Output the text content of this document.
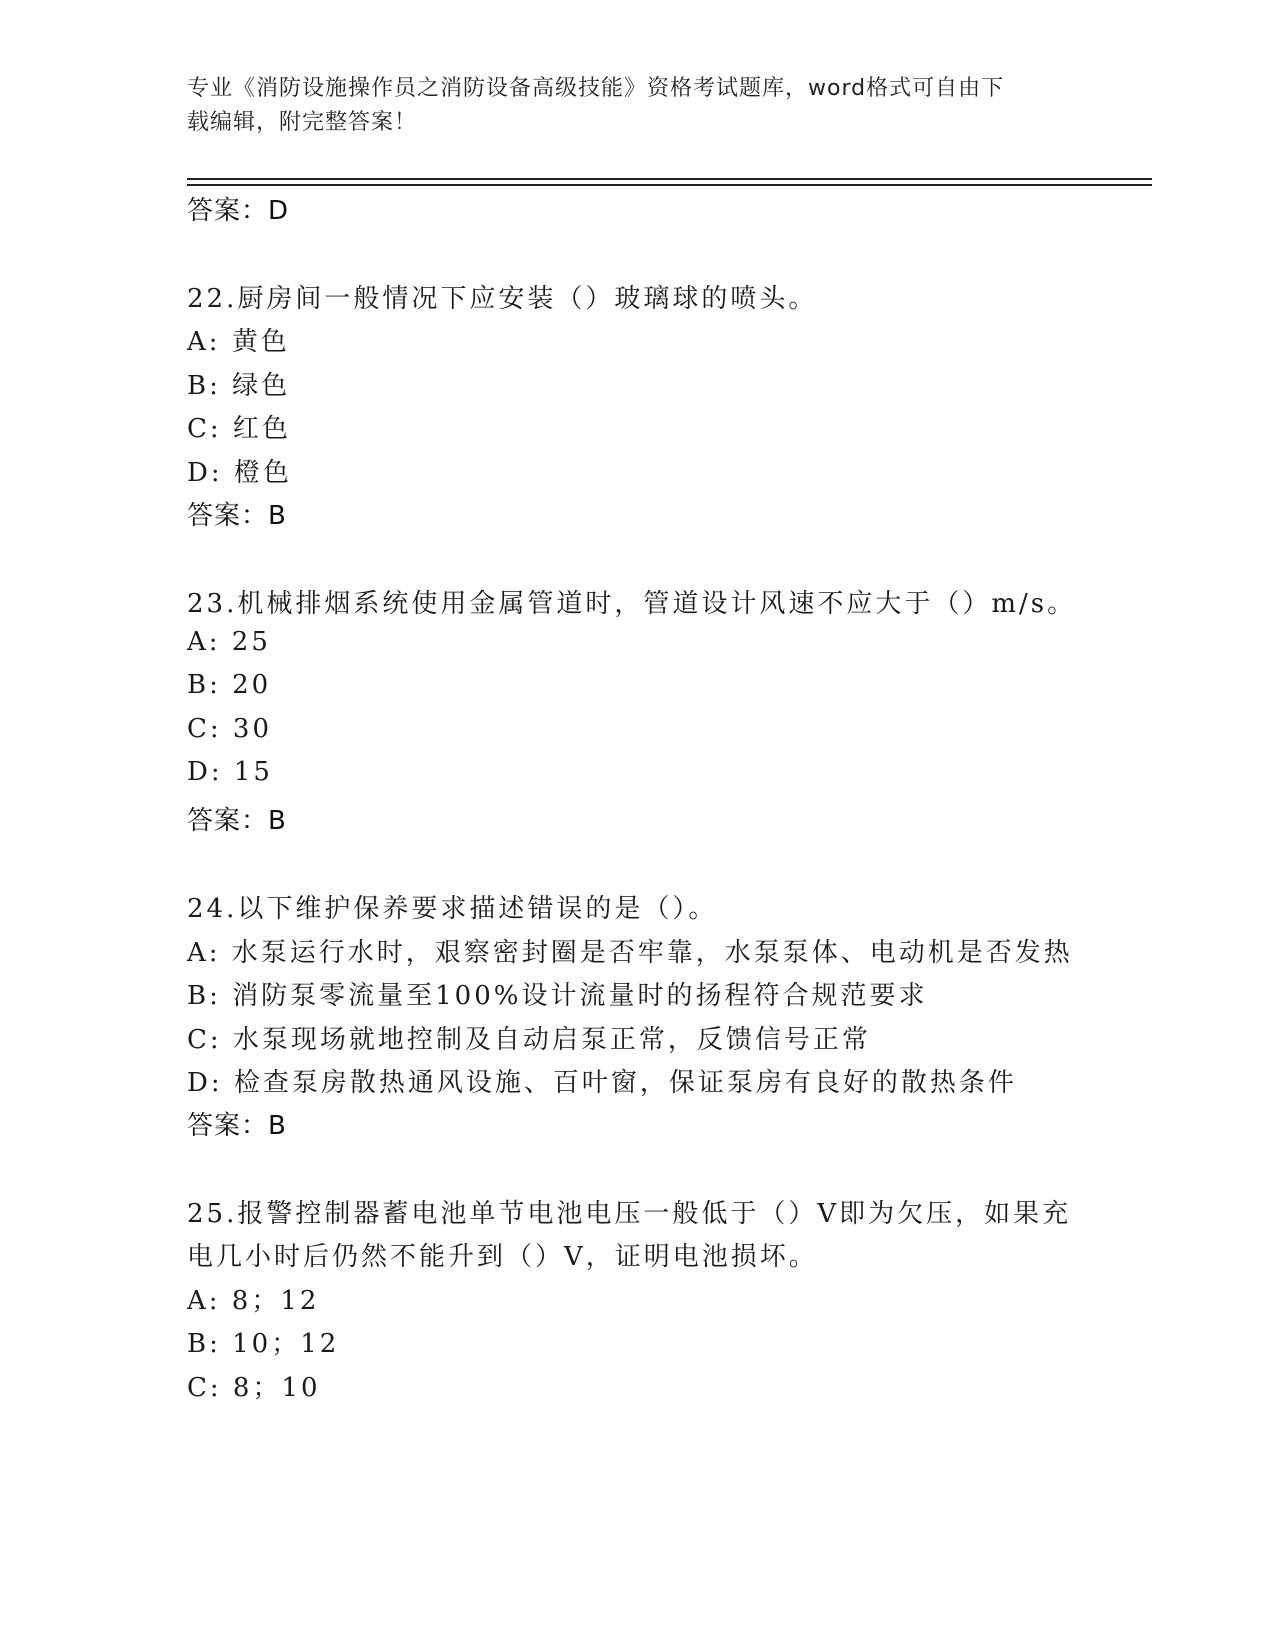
专业《消防设施操作员之消防设备高级技能》资格考试题库，word格式可自由下
载编辑，附完整答案！
答案：D
22.厨房间一般情况下应安装（）玻璃球的喷头。
A: 黄色
B: 绿色
C: 红色
D: 橙色
答案：B
23.机械排烟系统使用金属管道时，管道设计风速不应大于（）m/s。
A: 25
B: 20
C: 30
D: 15
答案：B
24.以下维护保养要求描述错误的是（）。
A: 水泵运行水时，艰察密封圈是否牢靠，水泵泵体、电动机是否发热
B: 消防泵零流量至100%设计流量时的扬程符合规范要求
C: 水泵现场就地控制及自动启泵正常，反馈信号正常
D: 检查泵房散热通风设施、百叶窗，保证泵房有良好的散热条件
答案：B
25.报警控制器蓄电池单节电池电压一般低于（）V即为欠压，如果充
电几小时后仍然不能升到（）V，证明电池损坏。
A: 8；12
B: 10；12
C: 8；10
